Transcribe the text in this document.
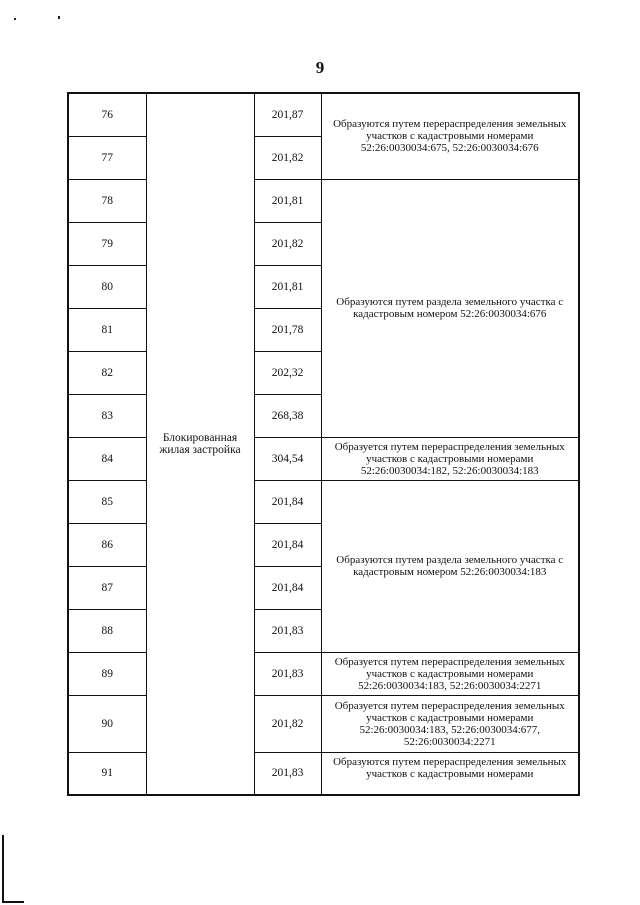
9
76	Блокированная жилая застройка	201,87	Образуются путем перераспределения земельных участков с кадастровыми номерами 52:26:0030034:675, 52:26:0030034:676
77		201,82	
78		201,81	Образуются путем раздела земельного участка с кадастровым номером 52:26:0030034:676
79		201,82	
80		201,81	
81		201,78	
82		202,32	
83		268,38	
84		304,54	Образуется путем перераспределения земельных участков с кадастровыми номерами 52:26:0030034:182, 52:26:0030034:183
85		201,84	Образуются путем раздела земельного участка с кадастровым номером 52:26:0030034:183
86		201,84	
87		201,84	
88		201,83	
89		201,83	Образуется путем перераспределения земельных участков с кадастровыми номерами 52:26:0030034:183, 52:26:0030034:2271
90		201,82	Образуется путем перераспределения земельных участков с кадастровыми номерами 52:26:0030034:183, 52:26:0030034:677, 52:26:0030034:2271
91		201,83	Образуются путем перераспределения земельных участков с кадастровыми номерами
